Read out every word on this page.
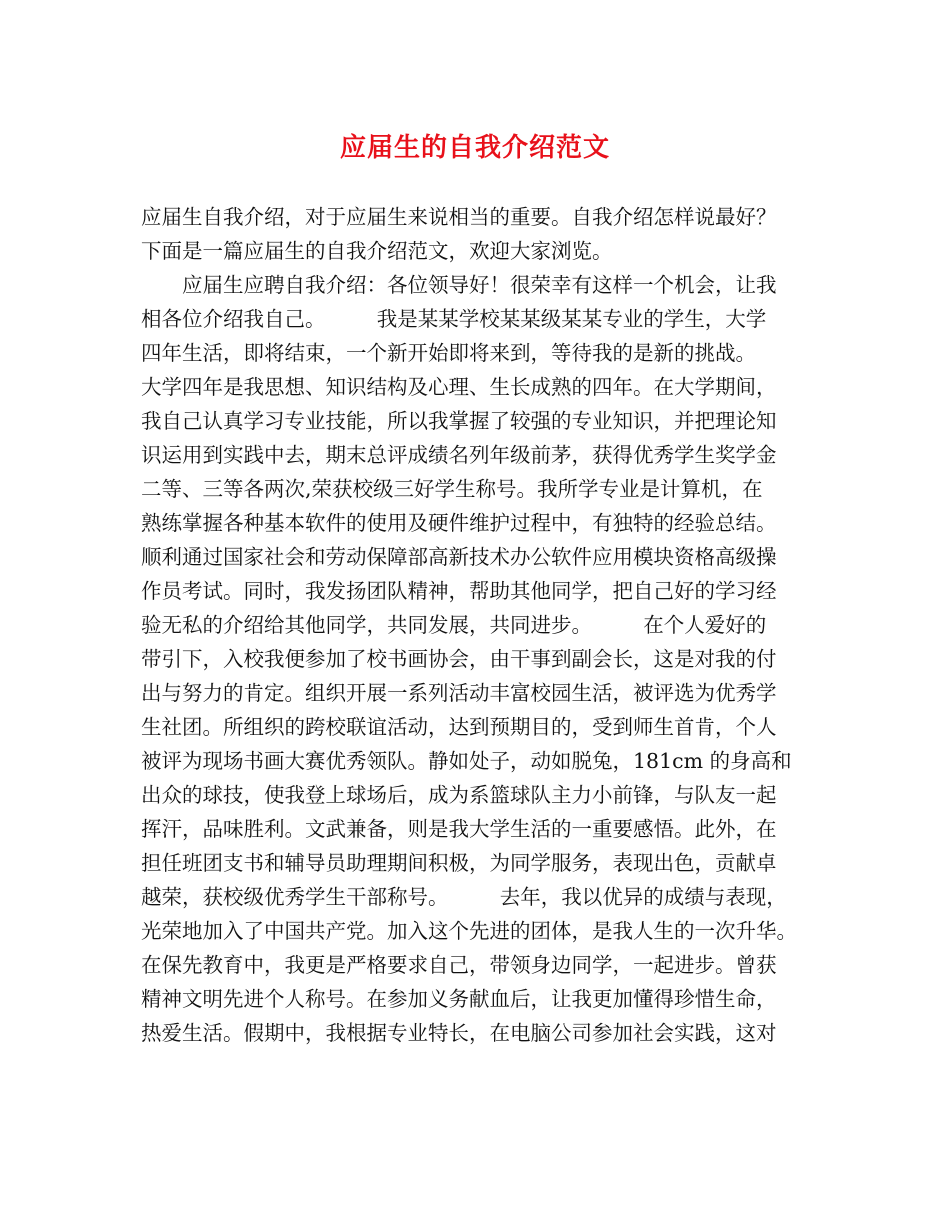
应届生的自我介绍范文
应届生自我介绍，对于应届生来说相当的重要。自我介绍怎样说最好？
下面是一篇应届生的自我介绍范文，欢迎大家浏览。
　　应届生应聘自我介绍：各位领导好！很荣幸有这样一个机会，让我
相各位介绍我自己。　　　我是某某学校某某级某某专业的学生，大学
四年生活，即将结束，一个新开始即将来到，等待我的是新的挑战。
大学四年是我思想、知识结构及心理、生长成熟的四年。在大学期间，
我自己认真学习专业技能，所以我掌握了较强的专业知识，并把理论知
识运用到实践中去，期末总评成绩名列年级前茅，获得优秀学生奖学金
二等、三等各两次,荣获校级三好学生称号。我所学专业是计算机，在
熟练掌握各种基本软件的使用及硬件维护过程中，有独特的经验总结。
顺利通过国家社会和劳动保障部高新技术办公软件应用模块资格高级操
作员考试。同时，我发扬团队精神，帮助其他同学，把自己好的学习经
验无私的介绍给其他同学，共同发展，共同进步。　　　在个人爱好的
带引下，入校我便参加了校书画协会，由干事到副会长，这是对我的付
出与努力的肯定。组织开展一系列活动丰富校园生活，被评选为优秀学
生社团。所组织的跨校联谊活动，达到预期目的，受到师生首肯，个人
被评为现场书画大赛优秀领队。静如处子，动如脱兔，181cm 的身高和
出众的球技，使我登上球场后，成为系篮球队主力小前锋，与队友一起
挥汗，品味胜利。文武兼备，则是我大学生活的一重要感悟。此外，在
担任班团支书和辅导员助理期间积极，为同学服务，表现出色，贡献卓
越荣，获校级优秀学生干部称号。　　　去年，我以优异的成绩与表现，
光荣地加入了中国共产党。加入这个先进的团体，是我人生的一次升华。
在保先教育中，我更是严格要求自己，带领身边同学，一起进步。曾获
精神文明先进个人称号。在参加义务献血后，让我更加懂得珍惜生命，
热爱生活。假期中，我根据专业特长，在电脑公司参加社会实践，这对
